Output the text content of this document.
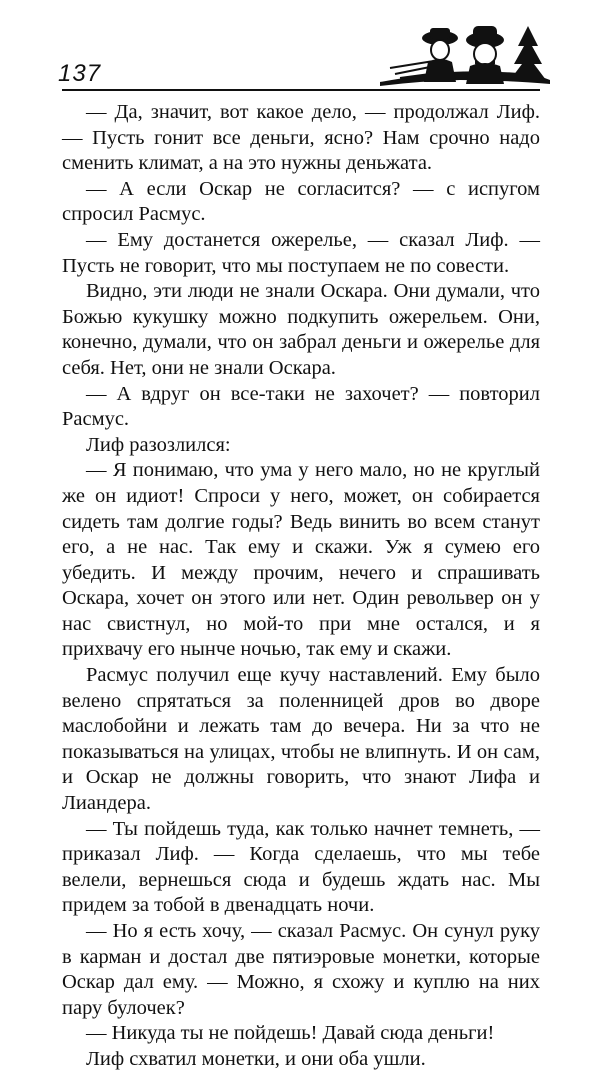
137

— Да, значит, вот какое дело, — продолжал Лиф. — Пусть гонит все деньги, ясно? Нам срочно надо сменить климат, а на это нужны деньжата.

— А если Оскар не согласится? — с испугом спросил Расмус.

— Ему достанется ожерелье, — сказал Лиф. — Пусть не говорит, что мы поступаем не по совести.

Видно, эти люди не знали Оскара. Они думали, что Божью кукушку можно подкупить ожерельем. Они, конечно, думали, что он забрал деньги и ожерелье для себя. Нет, они не знали Оскара.

— А вдруг он все-таки не захочет? — повторил Расмус.

Лиф разозлился:

— Я понимаю, что ума у него мало, но не круглый же он идиот! Спроси у него, может, он собирается сидеть там долгие годы? Ведь винить во всем станут его, а не нас. Так ему и скажи. Уж я сумею его убедить. И между прочим, нечего и спрашивать Оскара, хочет он этого или нет. Один револьвер он у нас свистнул, но мой-то при мне остался, и я прихвачу его нынче ночью, так ему и скажи.

Расмус получил еще кучу наставлений. Ему было велено спрятаться за поленницей дров во дворе маслобойни и лежать там до вечера. Ни за что не показываться на улицах, чтобы не влипнуть. И он сам, и Оскар не должны говорить, что знают Лифа и Лиандера.

— Ты пойдешь туда, как только начнет темнеть, — приказал Лиф. — Когда сделаешь, что мы тебе велели, вернешься сюда и будешь ждать нас. Мы придем за тобой в двенадцать ночи.

— Но я есть хочу, — сказал Расмус. Он сунул руку в карман и достал две пятиэровые монетки, которые Оскар дал ему. — Можно, я схожу и куплю на них пару булочек?

— Никуда ты не пойдешь! Давай сюда деньги!

Лиф схватил монетки, и они оба ушли.
